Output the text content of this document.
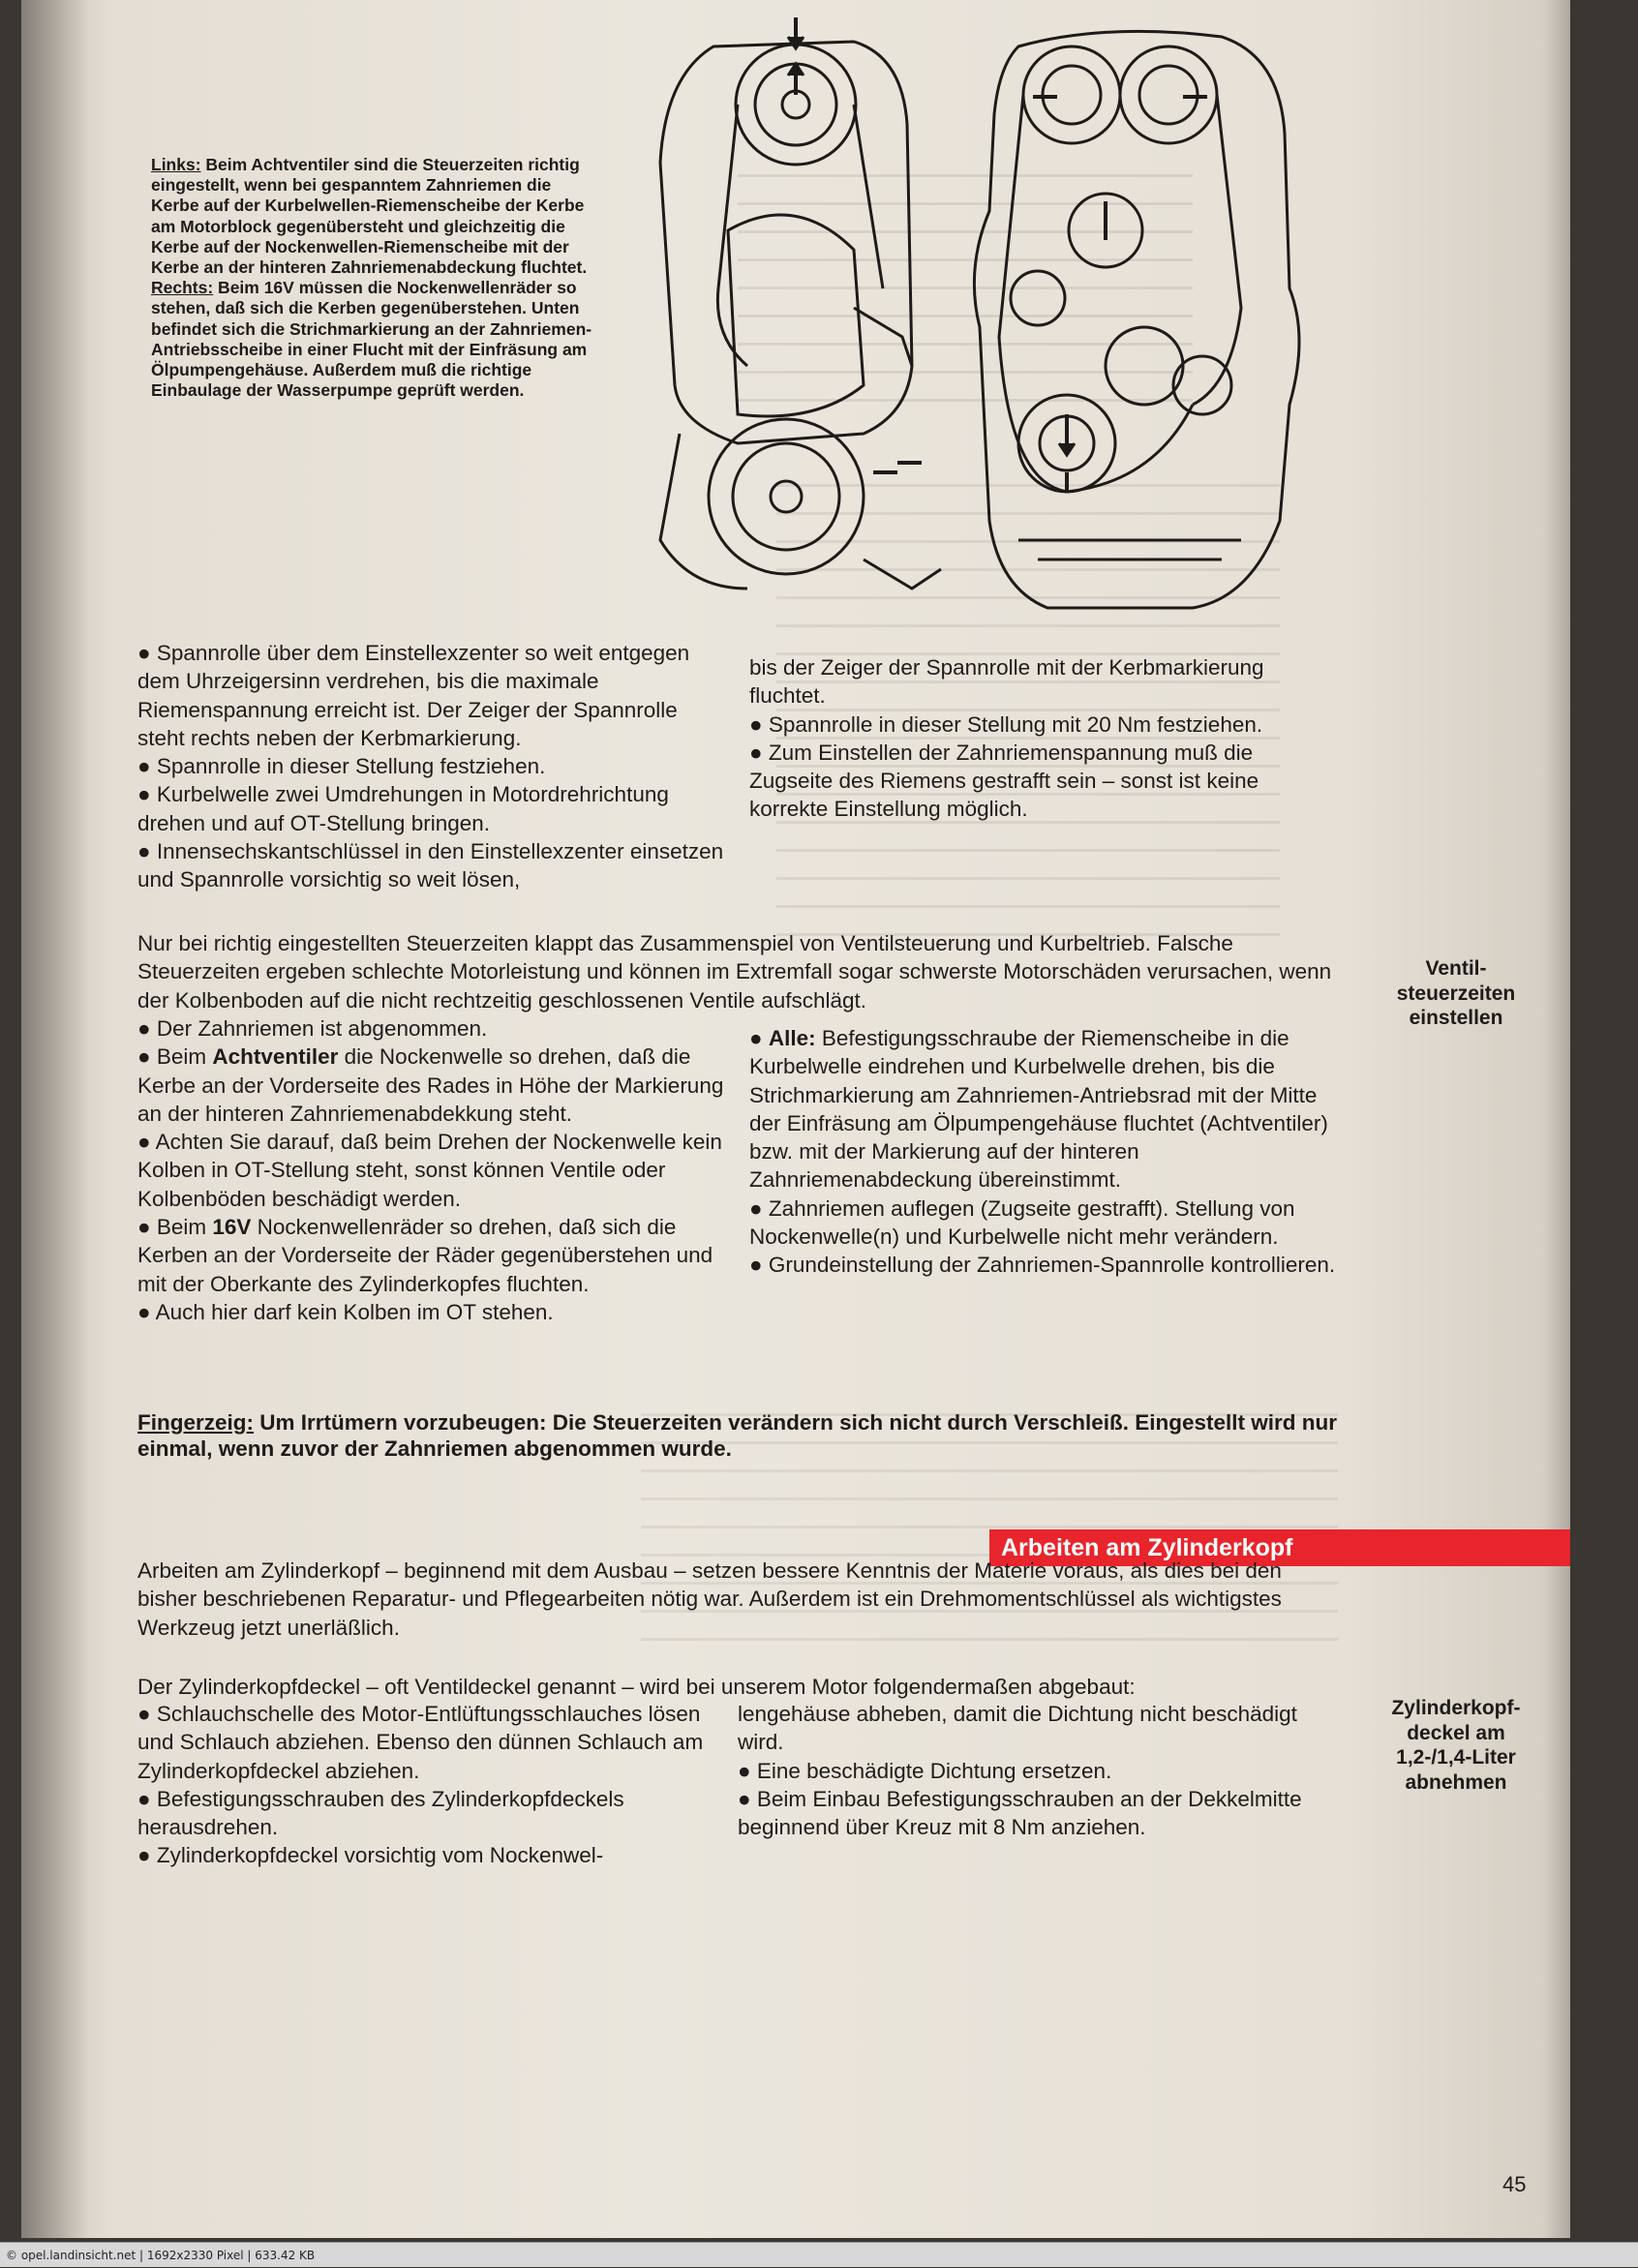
Links: Beim Achtventiler sind die Steuerzeiten richtig eingestellt, wenn bei gespanntem Zahnriemen die Kerbe auf der Kurbelwellen-Riemenscheibe der Kerbe am Motorblock gegenübersteht und gleichzeitig die Kerbe auf der Nockenwellen-Riemenscheibe mit der Kerbe an der hinteren Zahnriemenabdeckung fluchtet.
Rechts: Beim 16V müssen die Nockenwellenräder so stehen, daß sich die Kerben gegenüberstehen. Unten befindet sich die Strichmarkierung an der Zahnriemen-Antriebsscheibe in einer Flucht mit der Einfräsung am Ölpumpengehäuse. Außerdem muß die richtige Einbaulage der Wasserpumpe geprüft werden.

● Spannrolle über dem Einstellexzenter so weit entgegen dem Uhrzeigersinn verdrehen, bis die maximale Riemenspannung erreicht ist. Der Zeiger der Spannrolle steht rechts neben der Kerbmarkierung.

● Spannrolle in dieser Stellung festziehen.

● Kurbelwelle zwei Umdrehungen in Motordrehrichtung drehen und auf OT-Stellung bringen.

● Innensechskantschlüssel in den Einstellexzenter einsetzen und Spannrolle vorsichtig so weit lösen,

bis der Zeiger der Spannrolle mit der Kerbmarkierung fluchtet.

● Spannrolle in dieser Stellung mit 20 Nm festziehen.

● Zum Einstellen der Zahnriemenspannung muß die Zugseite des Riemens gestrafft sein – sonst ist keine korrekte Einstellung möglich.

Nur bei richtig eingestellten Steuerzeiten klappt das Zusammenspiel von Ventilsteuerung und Kurbeltrieb. Falsche Steuerzeiten ergeben schlechte Motorleistung und können im Extremfall sogar schwerste Motorschäden verursachen, wenn der Kolbenboden auf die nicht rechtzeitig geschlossenen Ventile aufschlägt.

● Der Zahnriemen ist abgenommen.

● Beim Achtventiler die Nockenwelle so drehen, daß die Kerbe an der Vorderseite des Rades in Höhe der Markierung an der hinteren Zahnriemenabdekkung steht.

● Achten Sie darauf, daß beim Drehen der Nockenwelle kein Kolben in OT-Stellung steht, sonst können Ventile oder Kolbenböden beschädigt werden.

● Beim 16V Nockenwellenräder so drehen, daß sich die Kerben an der Vorderseite der Räder gegenüberstehen und mit der Oberkante des Zylinderkopfes fluchten.

● Auch hier darf kein Kolben im OT stehen.

● Alle: Befestigungsschraube der Riemenscheibe in die Kurbelwelle eindrehen und Kurbelwelle drehen, bis die Strichmarkierung am Zahnriemen-Antriebsrad mit der Mitte der Einfräsung am Ölpumpengehäuse fluchtet (Achtventiler) bzw. mit der Markierung auf der hinteren Zahnriemenabdeckung übereinstimmt.

● Zahnriemen auflegen (Zugseite gestrafft). Stellung von Nockenwelle(n) und Kurbelwelle nicht mehr verändern.

● Grundeinstellung der Zahnriemen-Spannrolle kontrollieren.

Fingerzeig: Um Irrtümern vorzubeugen: Die Steuerzeiten verändern sich nicht durch Verschleiß. Eingestellt wird nur einmal, wenn zuvor der Zahnriemen abgenommen wurde.
Arbeiten am Zylinderkopf

Arbeiten am Zylinderkopf – beginnend mit dem Ausbau – setzen bessere Kenntnis der Materie voraus, als dies bei den bisher beschriebenen Reparatur- und Pflegearbeiten nötig war. Außerdem ist ein Drehmomentschlüssel als wichtigstes Werkzeug jetzt unerläßlich.

Der Zylinderkopfdeckel – oft Ventildeckel genannt – wird bei unserem Motor folgendermaßen abgebaut:

● Schlauchschelle des Motor-Entlüftungsschlauches lösen und Schlauch abziehen. Ebenso den dünnen Schlauch am Zylinderkopfdeckel abziehen.

● Befestigungsschrauben des Zylinderkopfdeckels herausdrehen.

● Zylinderkopfdeckel vorsichtig vom Nockenwel-

lengehäuse abheben, damit die Dichtung nicht beschädigt wird.

● Eine beschädigte Dichtung ersetzen.

● Beim Einbau Befestigungsschrauben an der Dekkelmitte beginnend über Kreuz mit 8 Nm anziehen.

Ventil-
steuerzeiten
einstellen
Zylinderkopf-
deckel am
1,2-/1,4-Liter
abnehmen
45
© opel.landinsicht.net | 1692x2330 Pixel | 633.42 KB
